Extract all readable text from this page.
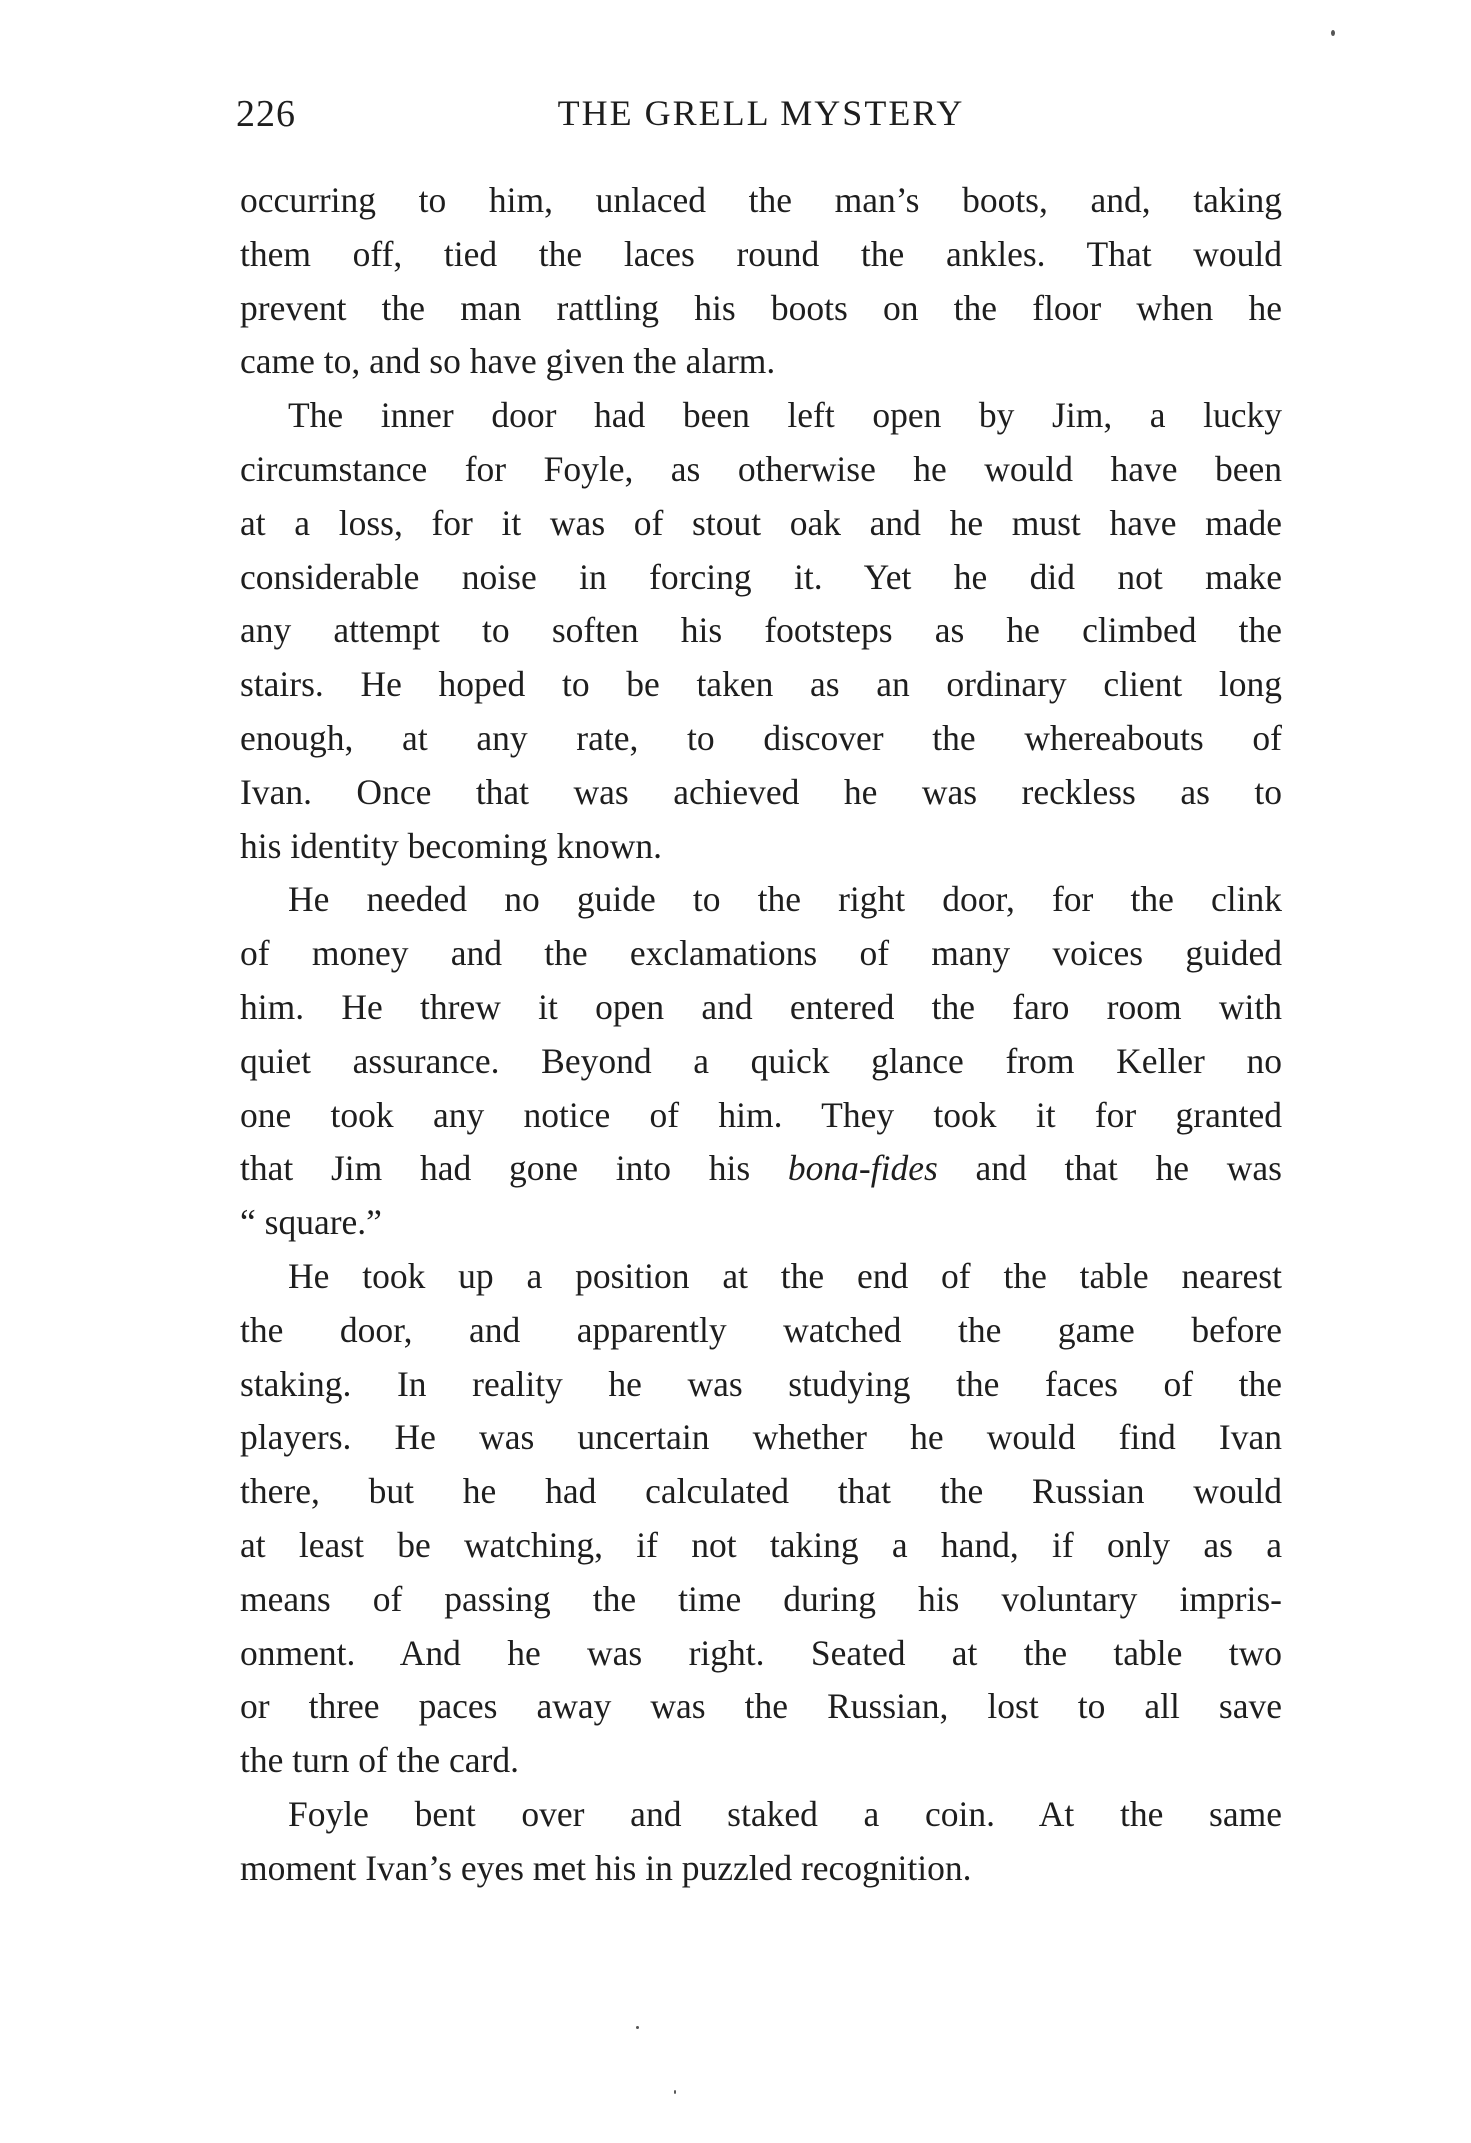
226	THE GRELL MYSTERY
occurring to him, unlaced the man’s boots, and, taking
them off, tied the laces round the ankles. That would
prevent the man rattling his boots on the floor when he
came to, and so have given the alarm.
The inner door had been left open by Jim, a lucky
circumstance for Foyle, as otherwise he would have been
at a loss, for it was of stout oak and he must have made
considerable noise in forcing it. Yet he did not make
any attempt to soften his footsteps as he climbed the
stairs. He hoped to be taken as an ordinary client long
enough, at any rate, to discover the whereabouts of
Ivan. Once that was achieved he was reckless as to
his identity becoming known.
He needed no guide to the right door, for the clink
of money and the exclamations of many voices guided
him. He threw it open and entered the faro room with
quiet assurance. Beyond a quick glance from Keller no
one took any notice of him. They took it for granted
that Jim had gone into his bona-fides and that he was
“ square.”
He took up a position at the end of the table nearest
the door, and apparently watched the game before
staking. In reality he was studying the faces of the
players. He was uncertain whether he would find Ivan
there, but he had calculated that the Russian would
at least be watching, if not taking a hand, if only as a
means of passing the time during his voluntary impris-
onment. And he was right. Seated at the table two
or three paces away was the Russian, lost to all save
the turn of the card.
Foyle bent over and staked a coin. At the same
moment Ivan’s eyes met his in puzzled recognition.
